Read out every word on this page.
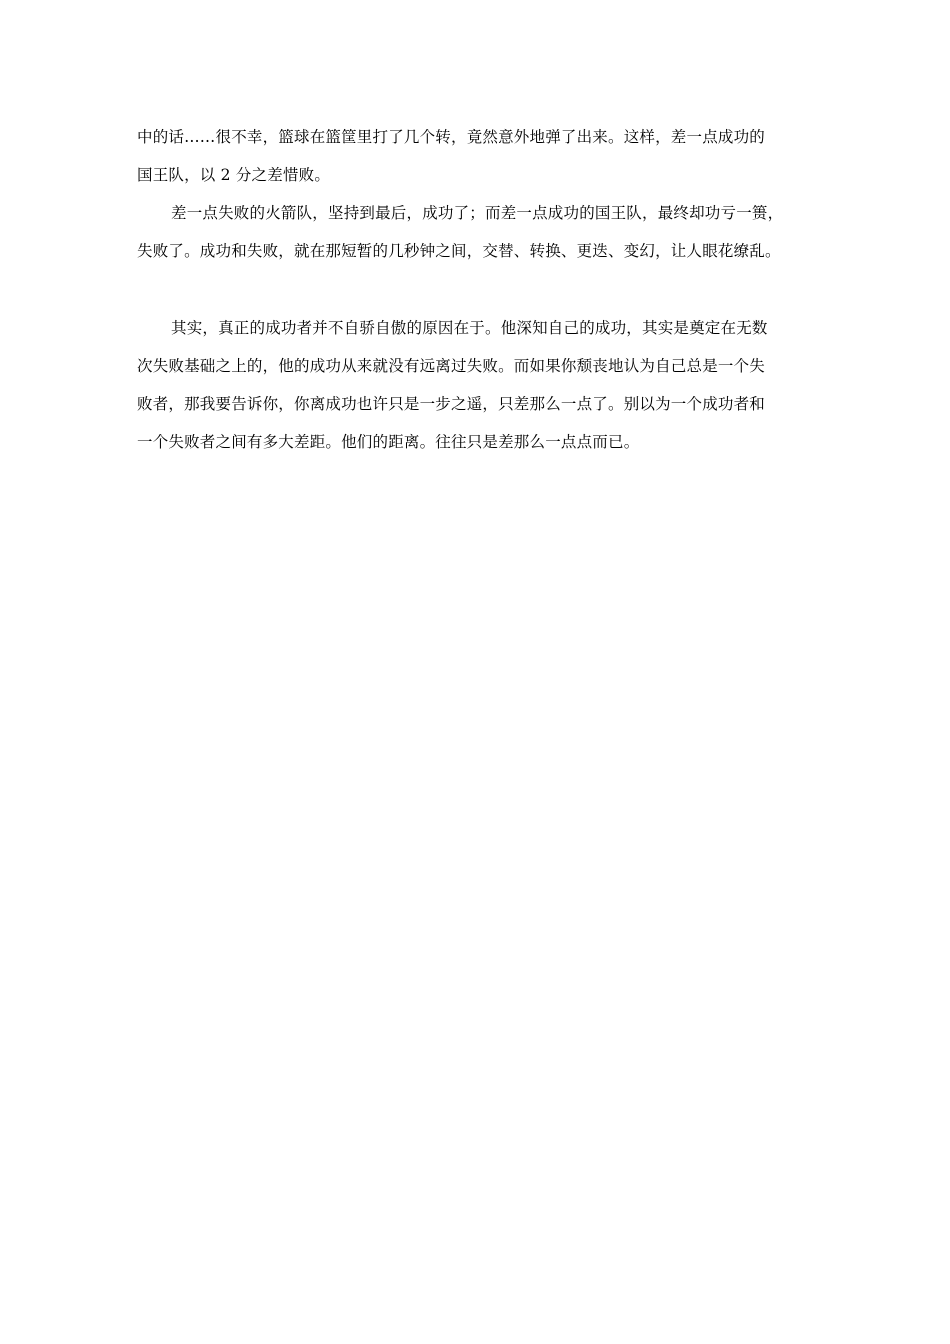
中的话……很不幸，篮球在篮筐里打了几个转，竟然意外地弹了出来。这样，差一点成功的
国王队，以 2 分之差惜败。
差一点失败的火箭队，坚持到最后，成功了；而差一点成功的国王队，最终却功亏一篑，
失败了。成功和失败，就在那短暂的几秒钟之间，交替、转换、更迭、变幻，让人眼花缭乱。
其实，真正的成功者并不自骄自傲的原因在于。他深知自己的成功，其实是奠定在无数
次失败基础之上的，他的成功从来就没有远离过失败。而如果你颓丧地认为自己总是一个失
败者，那我要告诉你，你离成功也许只是一步之遥，只差那么一点了。别以为一个成功者和
一个失败者之间有多大差距。他们的距离。往往只是差那么一点点而已。
